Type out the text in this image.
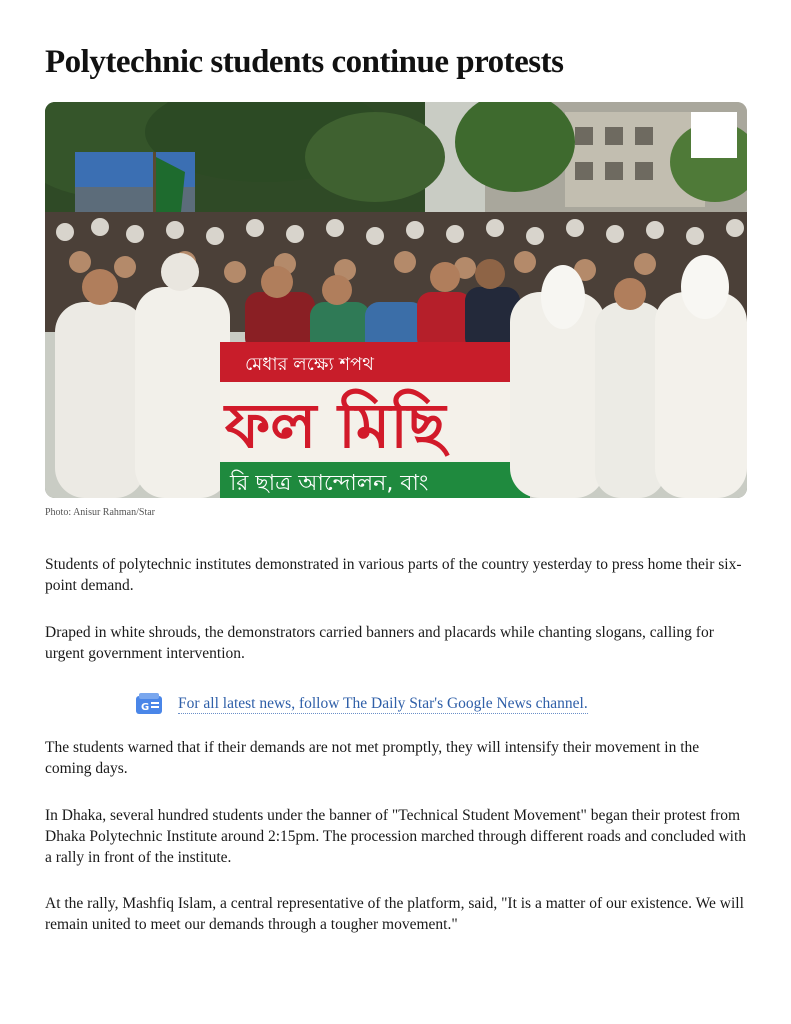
Polytechnic students continue protests
মেধার লক্ষ্যে শপথ
ফল মিছি
রি ছাত্র আন্দোলন, বাং
Photo: Anisur Rahman/Star

Students of polytechnic institutes demonstrated in various parts of the country yesterday to press home their six-point demand.

Draped in white shrouds, the demonstrators carried banners and placards while chanting slogans, calling for urgent government intervention.

G For all latest news, follow The Daily Star's Google News channel.

The students warned that if their demands are not met promptly, they will intensify their movement in the coming days.

In Dhaka, several hundred students under the banner of "Technical Student Movement" began their protest from Dhaka Polytechnic Institute around 2:15pm. The procession marched through different roads and concluded with a rally in front of the institute.

At the rally, Mashfiq Islam, a central representative of the platform, said, "It is a matter of our existence. We will remain united to meet our demands through a tougher movement."
